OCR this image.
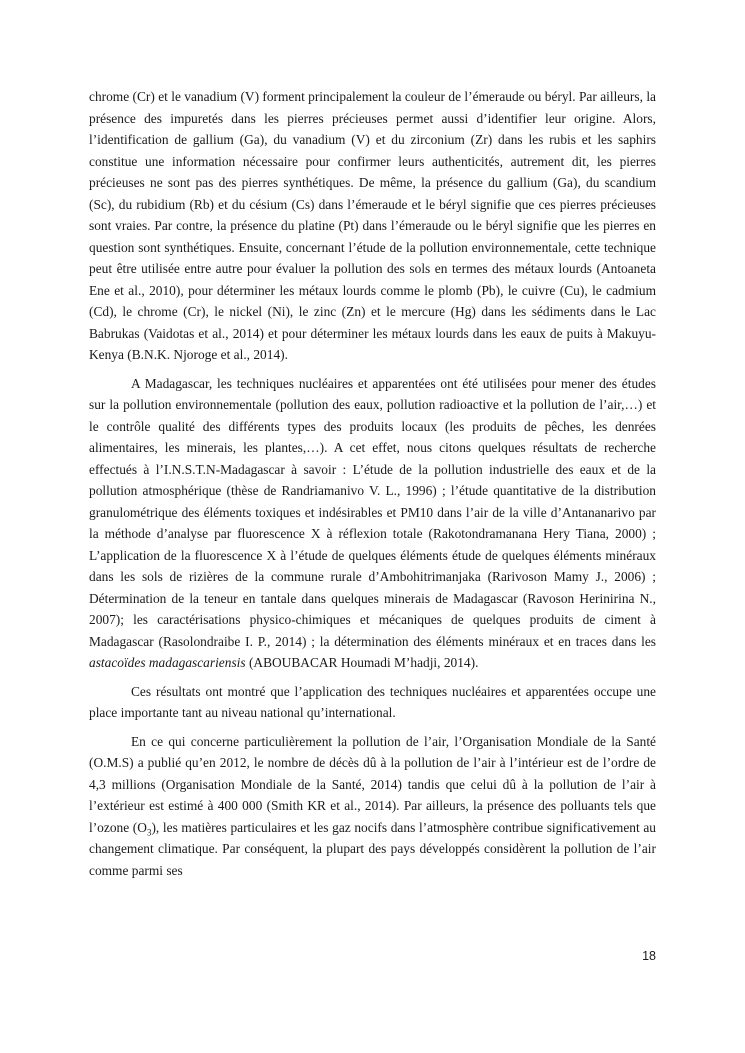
chrome (Cr) et le vanadium (V) forment principalement la couleur de l’émeraude ou béryl. Par ailleurs, la présence des impuretés dans les pierres précieuses permet aussi d’identifier leur origine. Alors, l’identification de gallium (Ga), du vanadium (V) et du zirconium (Zr) dans les rubis et les saphirs constitue une information nécessaire pour confirmer leurs authenticités, autrement dit, les pierres précieuses ne sont pas des pierres synthétiques. De même, la présence du gallium (Ga), du scandium (Sc), du rubidium (Rb) et du césium (Cs) dans l’émeraude et le béryl signifie que ces pierres précieuses sont vraies. Par contre, la présence du platine (Pt) dans l’émeraude ou le béryl signifie que les pierres en question sont synthétiques. Ensuite, concernant l’étude de la pollution environnementale, cette technique peut être utilisée entre autre pour évaluer la pollution des sols en termes des métaux lourds (Antoaneta Ene et al., 2010), pour déterminer les métaux lourds comme le plomb (Pb), le cuivre (Cu), le cadmium (Cd), le chrome (Cr), le nickel (Ni), le zinc (Zn) et le mercure (Hg) dans les sédiments dans le Lac Babrukas (Vaidotas et al., 2014) et pour déterminer les métaux lourds dans les eaux de puits à Makuyu-Kenya (B.N.K. Njoroge et al., 2014).

A Madagascar, les techniques nucléaires et apparentées ont été utilisées pour mener des études sur la pollution environnementale (pollution des eaux, pollution radioactive et la pollution de l’air,…) et le contrôle qualité des différents types des produits locaux (les produits de pêches, les denrées alimentaires, les minerais, les plantes,…). A cet effet, nous citons quelques résultats de recherche effectués à l’I.N.S.T.N-Madagascar à savoir : L’étude de la pollution industrielle des eaux et de la pollution atmosphérique (thèse de Randriamanivo V. L., 1996) ; l’étude quantitative de la distribution granulométrique des éléments toxiques et indésirables et PM10 dans l’air de la ville d’Antananarivo par la méthode d’analyse par fluorescence X à réflexion totale (Rakotondramanana Hery Tiana, 2000) ; L’application de la fluorescence X à l’étude de quelques éléments étude de quelques éléments minéraux dans les sols de rizières de la commune rurale d’Ambohitrimanjaka (Rarivoson Mamy J., 2006) ; Détermination de la teneur en tantale dans quelques minerais de Madagascar (Ravoson Herinirina N., 2007); les caractérisations physico-chimiques et mécaniques de quelques produits de ciment à Madagascar (Rasolondraibe I. P., 2014) ; la détermination des éléments minéraux et en traces dans les astacoïdes madagascariensis (ABOUBACAR Houmadi M’hadji, 2014).

Ces résultats ont montré que l’application des techniques nucléaires et apparentées occupe une place importante tant au niveau national qu’international.

En ce qui concerne particulièrement la pollution de l’air, l’Organisation Mondiale de la Santé (O.M.S) a publié qu’en 2012, le nombre de décès dû à la pollution de l’air à l’intérieur est de l’ordre de 4,3 millions (Organisation Mondiale de la Santé, 2014) tandis que celui dû à la pollution de l’air à l’extérieur est estimé à 400 000 (Smith KR et al., 2014). Par ailleurs, la présence des polluants tels que l’ozone $(O_3)$, les matières particulaires et les gaz nocifs dans l’atmosphère contribue significativement au changement climatique. Par conséquent, la plupart des pays développés considèrent la pollution de l’air comme parmi ses

18
